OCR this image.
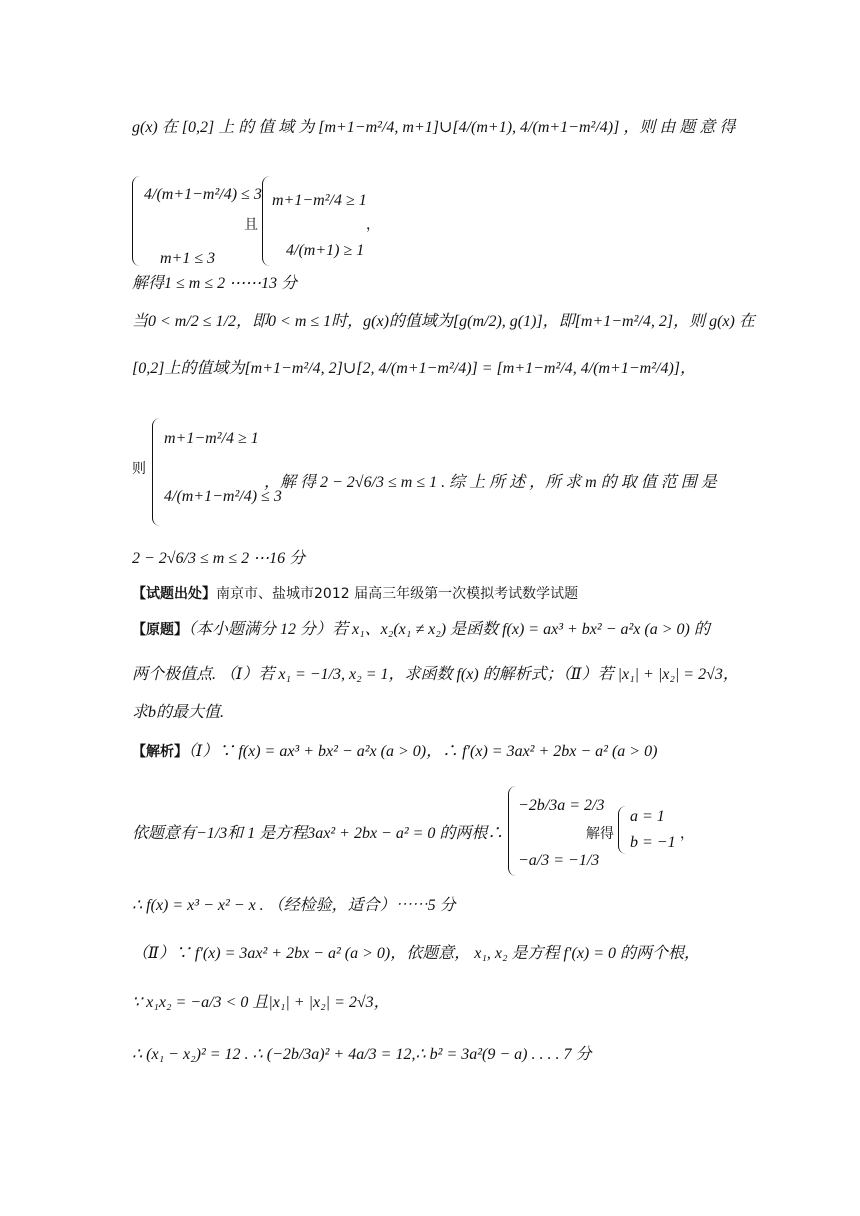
g(x) 在 [0,2] 上 的 值 域 为 [m+1−m²/4, m+1]∪[4/(m+1), 4/(m+1−m²/4)] ，则 由 题 意 得
4/(m+1−m²/4) ≤ 3
m+1 ≤ 3
且
m+1−m²/4 ≥ 1
4/(m+1) ≥ 1
，
解得1 ≤ m ≤ 2 ⋯⋯13 分
当0 < m/2 ≤ 1/2，即0 < m ≤ 1时，g(x)的值域为[g(m/2), g(1)]，即[m+1−m²/4, 2]，则 g(x) 在
[0,2]上的值域为[m+1−m²/4, 2]∪[2, 4/(m+1−m²/4)] = [m+1−m²/4, 4/(m+1−m²/4)]，
则
m+1−m²/4 ≥ 1
4/(m+1−m²/4) ≤ 3
，解 得 2 − 2√6/3 ≤ m ≤ 1 . 综 上 所 述 ，所 求 m 的 取 值 范 围 是
2 − 2√6/3 ≤ m ≤ 2 ⋯16 分
【试题出处】南京市、盐城市2012 届高三年级第一次模拟考试数学试题
【原题】（本小题满分 12 分）若 x₁、x₂(x₁ ≠ x₂) 是函数 f(x) = ax³ + bx² − a²x (a > 0) 的
两个极值点. （Ⅰ）若 x₁ = −1/3, x₂ = 1，求函数 f(x) 的解析式；（Ⅱ）若 |x₁| + |x₂| = 2√3，
求b的最大值.
【解析】（Ⅰ）∵ f(x) = ax³ + bx² − a²x (a > 0)，∴ f′(x) = 3ax² + 2bx − a² (a > 0)
依题意有−1/3和 1 是方程3ax² + 2bx − a² = 0 的两根∴
−2b/3a = 2/3
−a/3 = −1/3
解得
a = 1
b = −1 ，
∴ f(x) = x³ − x² − x . （经检验，适合）⋯⋯5 分
（Ⅱ）∵ f′(x) = 3ax² + 2bx − a² (a > 0)，依题意， x₁, x₂ 是方程 f′(x) = 0 的两个根，
∵ x₁x₂ = −a/3 < 0 且|x₁| + |x₂| = 2√3，
∴ (x₁ − x₂)² = 12 . ∴ (−2b/3a)² + 4a/3 = 12,∴ b² = 3a²(9 − a) . . . . 7 分
